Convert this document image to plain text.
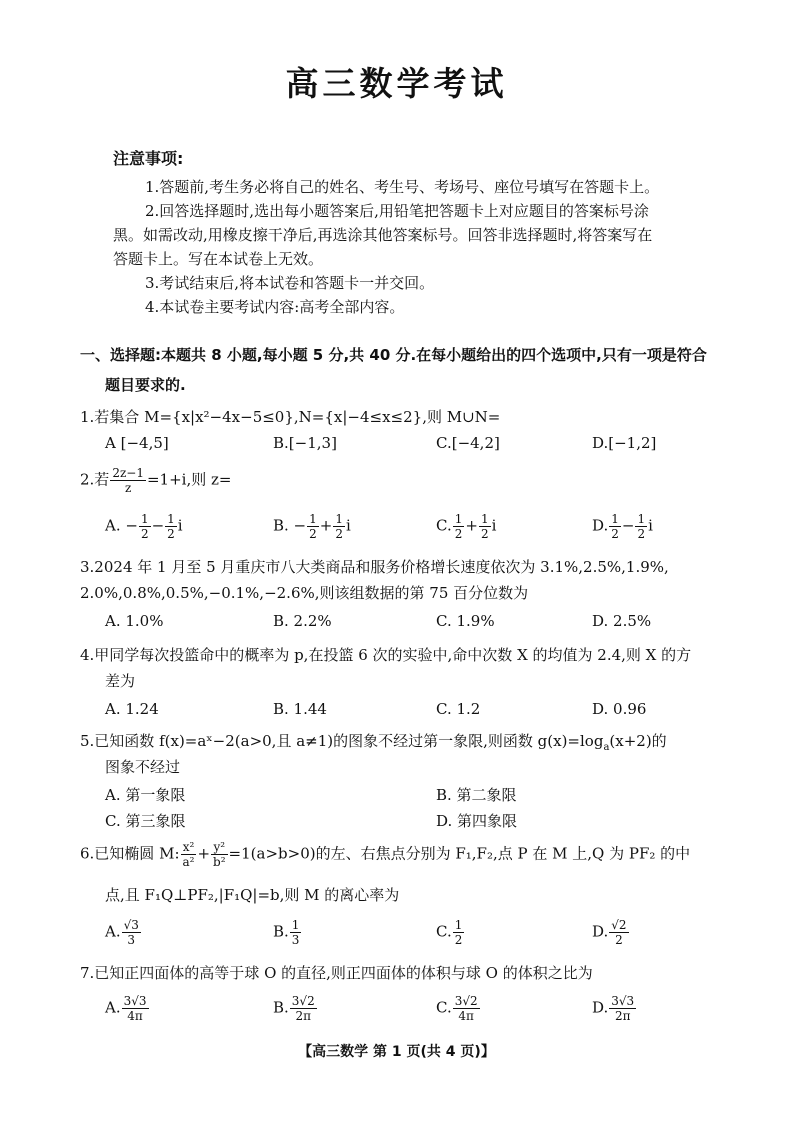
高三数学考试
注意事项:
1.答题前,考生务必将自己的姓名、考生号、考场号、座位号填写在答题卡上。
2.回答选择题时,选出每小题答案后,用铅笔把答题卡上对应题目的答案标号涂
黑。如需改动,用橡皮擦干净后,再选涂其他答案标号。回答非选择题时,将答案写在
答题卡上。写在本试卷上无效。
3.考试结束后,将本试卷和答题卡一并交回。
4.本试卷主要考试内容:高考全部内容。
一、选择题:本题共 8 小题,每小题 5 分,共 40 分.在每小题给出的四个选项中,只有一项是符合
题目要求的.
1.若集合 M={x|x²−4x−5≤0},N={x|−4≤x≤2},则 M∪N=
A [−4,5]	B.[−1,3]	C.[−4,2]	D.[−1,2]
2.若 $\frac{2z-1}{z} =1+i$,则 z=
A. − $\frac{1}{2} - \frac{1}{2}$ i	B. − $\frac{1}{2} + \frac{1}{2}$ i	C. $\frac{1}{2} + \frac{1}{2}$ i	D. $\frac{1}{2} - \frac{1}{2}$ i
3.2024 年 1 月至 5 月重庆市八大类商品和服务价格增长速度依次为 3.1%,2.5%,1.9%,
2.0%,0.8%,0.5%,−0.1%,−2.6%,则该组数据的第 75 百分位数为
A. 1.0%	B. 2.2%	C. 1.9%	D. 2.5%
4.甲同学每次投篮命中的概率为 p,在投篮 6 次的实验中,命中次数 X 的均值为 2.4,则 X 的方
差为
A. 1.24	B. 1.44	C. 1.2	D. 0.96
5.已知函数 f(x)=aˣ−2(a>0,且 a≠1)的图象不经过第一象限,则函数 $g(x)=\log_a(x+2)$的
图象不经过
A. 第一象限	B. 第二象限
C. 第三象限	D. 第四象限
6.已知椭圆 M: $\frac{\text{x²}}{\text{a²}} + \frac{\text{y²}}{\text{b²}} =1(a>b>0)$的左、右焦点分别为 F₁,F₂,点 P 在 M 上,Q 为 PF₂ 的中
点,且 F₁Q⊥PF₂,|F₁Q|=b,则 M 的离心率为
A. $\frac{√3}{3}$	B. $\frac{1}{3}$	C. $\frac{1}{2}$	D. $\frac{√2}{2}$
7.已知正四面体的高等于球 O 的直径,则正四面体的体积与球 O 的体积之比为
A. $\frac{3√3}{4\pi}$	B. $\frac{3√2}{2\pi}$	C. $\frac{3√2}{4\pi}$	D. $\frac{3√3}{2\pi}$
【高三数学 第 1 页(共 4 页)】
